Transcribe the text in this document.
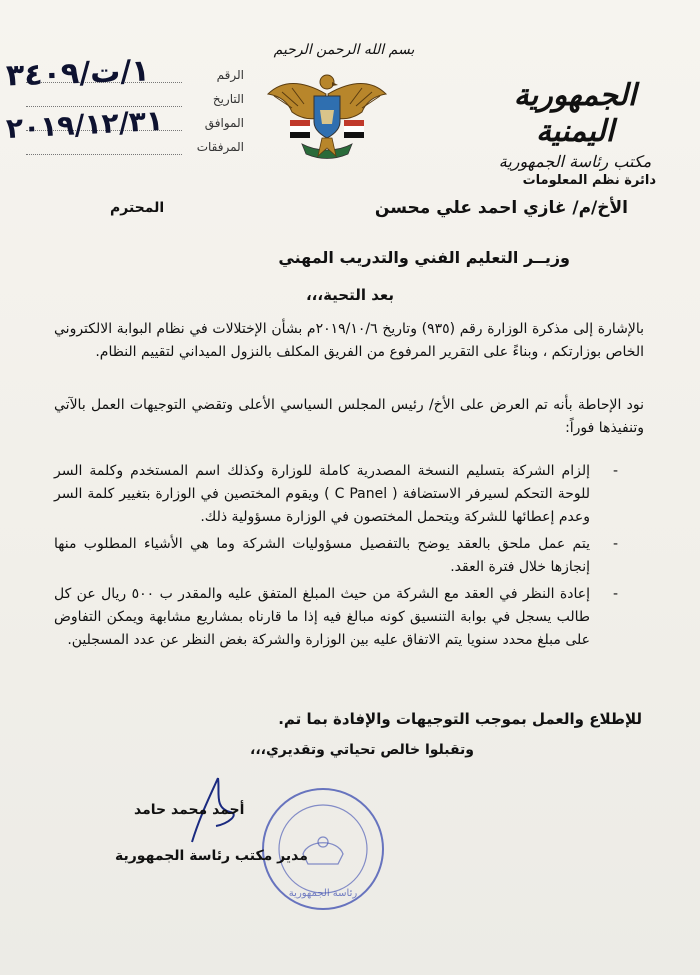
الجمهورية اليمنية
مكتب رئاسة الجمهورية
دائرة نظم المعلومات
بسم الله الرحمن الرحيم
الرقم
التاريخ
الموافق
المرفقات
١/ت/٣٤٠٩
٢٠١٩/١٢/٣١
الأخ/م/ غازي احمد علي محسن
المحترم
وزيــر التعليم الفني والتدريب المهني
بعد التحية،،،
بالإشارة إلى مذكرة الوزارة رقم (٩٣٥) وتاريخ ٢٠١٩/١٠/٦م بشأن الإختلالات في نظام البوابة الالكتروني الخاص بوزارتكم ، وبناءً على التقرير المرفوع من الفريق المكلف بالنزول الميداني لتقييم النظام.
نود الإحاطة بأنه تم العرض على الأخ/ رئيس المجلس السياسي الأعلى وتقضي التوجيهات العمل بالآتي وتنفيذها فوراً:
-
إلزام الشركة بتسليم النسخة المصدرية كاملة للوزارة وكذلك اسم المستخدم وكلمة السر للوحة التحكم لسيرفر الاستضافة ( C Panel ) ويقوم المختصين في الوزارة بتغيير كلمة السر وعدم إعطائها للشركة ويتحمل المختصون في الوزارة مسؤولية ذلك.
-
يتم عمل ملحق بالعقد يوضح بالتفصيل مسؤوليات الشركة وما هي الأشياء المطلوب منها إنجازها خلال فترة العقد.
-
إعادة النظر في العقد مع الشركة من حيث المبلغ المتفق عليه والمقدر ب ٥٠٠ ريال عن كل طالب يسجل في بوابة التنسيق كونه مبالغ فيه إذا ما قارناه بمشاريع مشابهة ويمكن التفاوض على مبلغ محدد سنويا يتم الاتفاق عليه بين الوزارة والشركة بغض النظر عن عدد المسجلين.
للإطلاع والعمل بموجب التوجيهات والإفادة بما تم.
وتقبلوا خالص تحياتي وتقديري،،،
رئاسة الجمهورية
أحمد محمد حامد
مدير مكتب رئاسة الجمهورية
